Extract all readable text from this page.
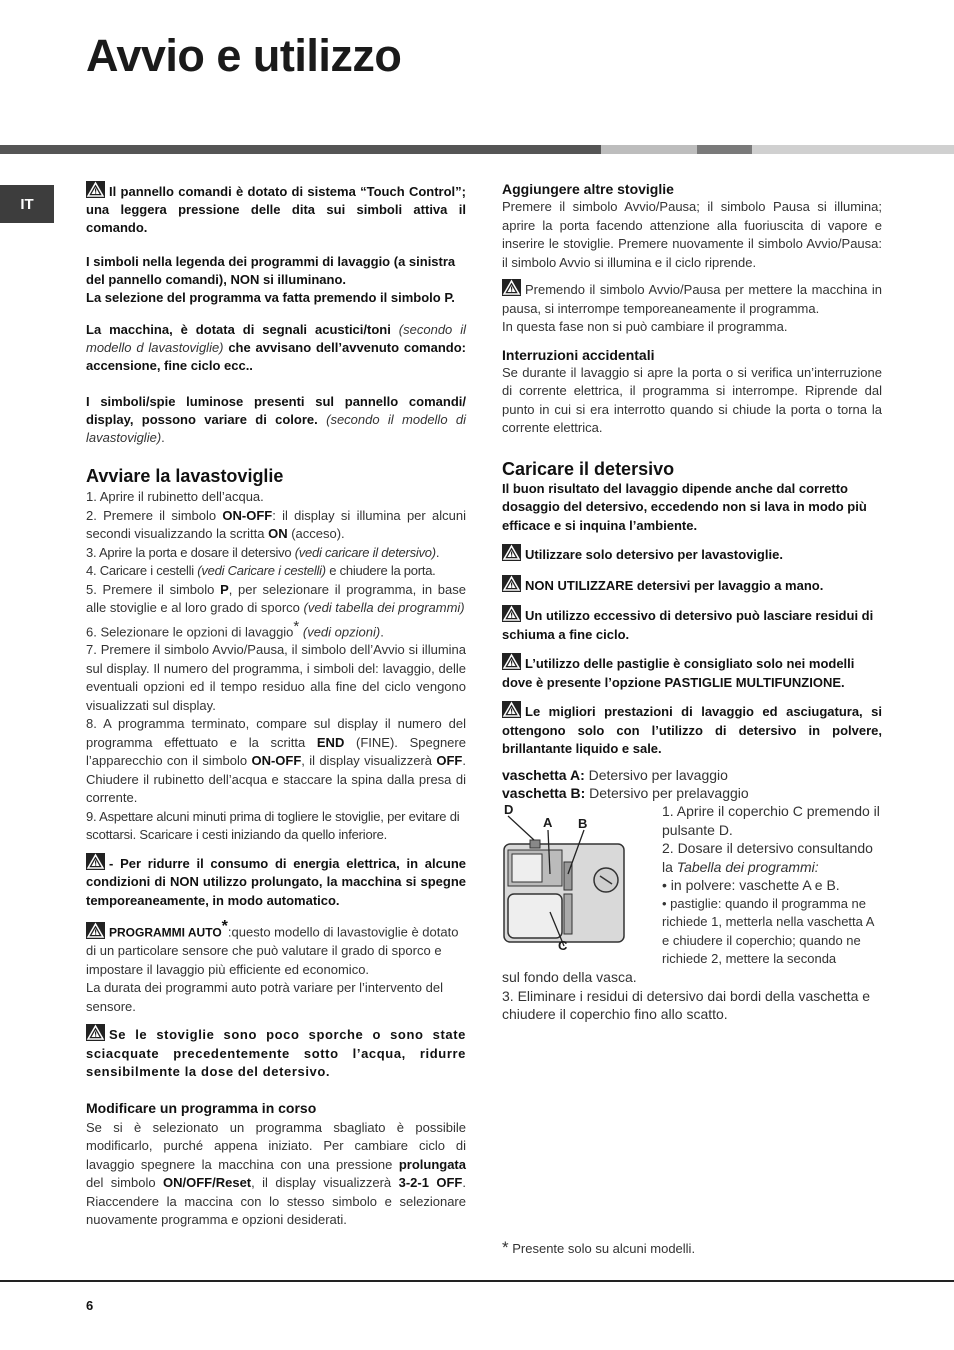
Avvio e utilizzo
IT

Il pannello comandi è dotato di sistema “Touch Control”; una leggera pressione delle dita sui simboli attiva il comando.

I simboli nella legenda dei programmi di lavaggio (a sinistra del pannello comandi), NON si illuminano.
La selezione del programma va fatta premendo il simbolo P.

La macchina, è dotata di segnali acustici/toni (secondo il modello d lavastoviglie) che avvisano dell’avvenuto comando: accensione, fine ciclo ecc..

I simboli/spie luminose presenti sul pannello comandi/ display, possono variare di colore. (secondo il modello di lavastoviglie).

Avviare la lavastoviglie

1. Aprire il rubinetto dell’acqua.

2. Premere il simbolo ON-OFF: il display si illumina per alcuni secondi visualizzando la scritta ON (acceso).

3. Aprire la porta e dosare il detersivo (vedi caricare il detersivo).

4. Caricare i cestelli (vedi Caricare i cestelli) e chiudere la porta.

5. Premere il simbolo P, per selezionare il programma, in base alle stoviglie e al loro grado di sporco (vedi tabella dei programmi)

6. Selezionare le opzioni di lavaggio* (vedi opzioni).

7. Premere il simbolo Avvio/Pausa, il simbolo dell’Avvio si illumina sul display. Il numero del programma, i simboli del: lavaggio, delle eventuali opzioni ed il tempo residuo alla fine del ciclo vengono visualizzati sul display.

8. A programma terminato, compare sul display il numero del programma effettuato e la scritta END (FINE). Spegnere l’apparecchio con il simbolo ON-OFF, il display visualizzerà OFF. Chiudere il rubinetto dell’acqua e staccare la spina dalla presa di corrente.

9. Aspettare alcuni minuti prima di togliere le stoviglie, per evitare di scottarsi. Scaricare i cesti iniziando da quello inferiore.

- Per ridurre il consumo di energia elettrica, in alcune condizioni di NON utilizzo prolungato, la macchina si spegne temporeaneamente, in modo automatico.

PROGRAMMI AUTO*:questo modello di lavastoviglie è dotato di un particolare sensore che può valutare il grado di sporco e impostare il lavaggio più efficiente ed economico.
La durata dei programmi auto potrà variare per l’intervento del sensore.

Se le stoviglie sono poco sporche o sono state sciacquate precedentemente sotto l’acqua, ridurre sensibilmente la dose del detersivo.

Modificare un programma in corso

Se si è selezionato un programma sbagliato è possibile modificarlo, purché appena iniziato. Per cambiare ciclo di lavaggio spegnere la macchina con una pressione prolungata del simbolo ON/OFF/Reset, il display visualizzerà 3-2-1 OFF. Riaccendere la maccina con lo stesso simbolo e selezionare nuovamente programma e opzioni desiderati.

Aggiungere altre stoviglie

Premere il simbolo Avvio/Pausa; il simbolo Pausa si illumina; aprire la porta facendo attenzione alla fuoriuscita di vapore e inserire le stoviglie. Premere nuovamente il simbolo Avvio/Pausa: il simbolo Avvio si illumina e il ciclo riprende.

Premendo il simbolo Avvio/Pausa per mettere la macchina in pausa, si interrompe temporeaneamente il programma.
In questa fase non si può cambiare il programma.

Interruzioni accidentali

Se durante il lavaggio si apre la porta o si verifica un’interruzione di corrente elettrica, il programma si interrompe. Riprende dal punto in cui si era interrotto quando si chiude la porta o torna la corrente elettrica.

Caricare il detersivo

Il buon risultato del lavaggio dipende anche dal corretto dosaggio del detersivo, eccedendo non si lava in modo più efficace e si inquina l’ambiente.

Utilizzare solo detersivo per lavastoviglie.

NON UTILIZZARE detersivi per lavaggio a mano.

Un utilizzo eccessivo di detersivo può lasciare residui di schiuma a fine ciclo.

L’utilizzo delle pastiglie è consigliato solo nei modelli dove è presente l’opzione PASTIGLIE MULTIFUNZIONE.

Le migliori prestazioni di lavaggio ed asciugatura, si ottengono solo con l’utilizzo di detersivo in polvere, brillantante liquido e sale.

vaschetta A: Detersivo per lavaggio

vaschetta B: Detersivo per prelavaggio

D
A B
C

1. Aprire il coperchio C premendo il pulsante D.

2. Dosare il detersivo consultando la Tabella dei programmi:

• in polvere: vaschette A e B.

• pastiglie: quando il programma ne richiede 1, metterla nella vaschetta A e chiudere il coperchio; quando ne richiede 2, mettere la seconda

sul fondo della vasca.

3. Eliminare i residui di detersivo dai bordi della vaschetta e chiudere il coperchio fino allo scatto.

* Presente solo su alcuni modelli.
6
